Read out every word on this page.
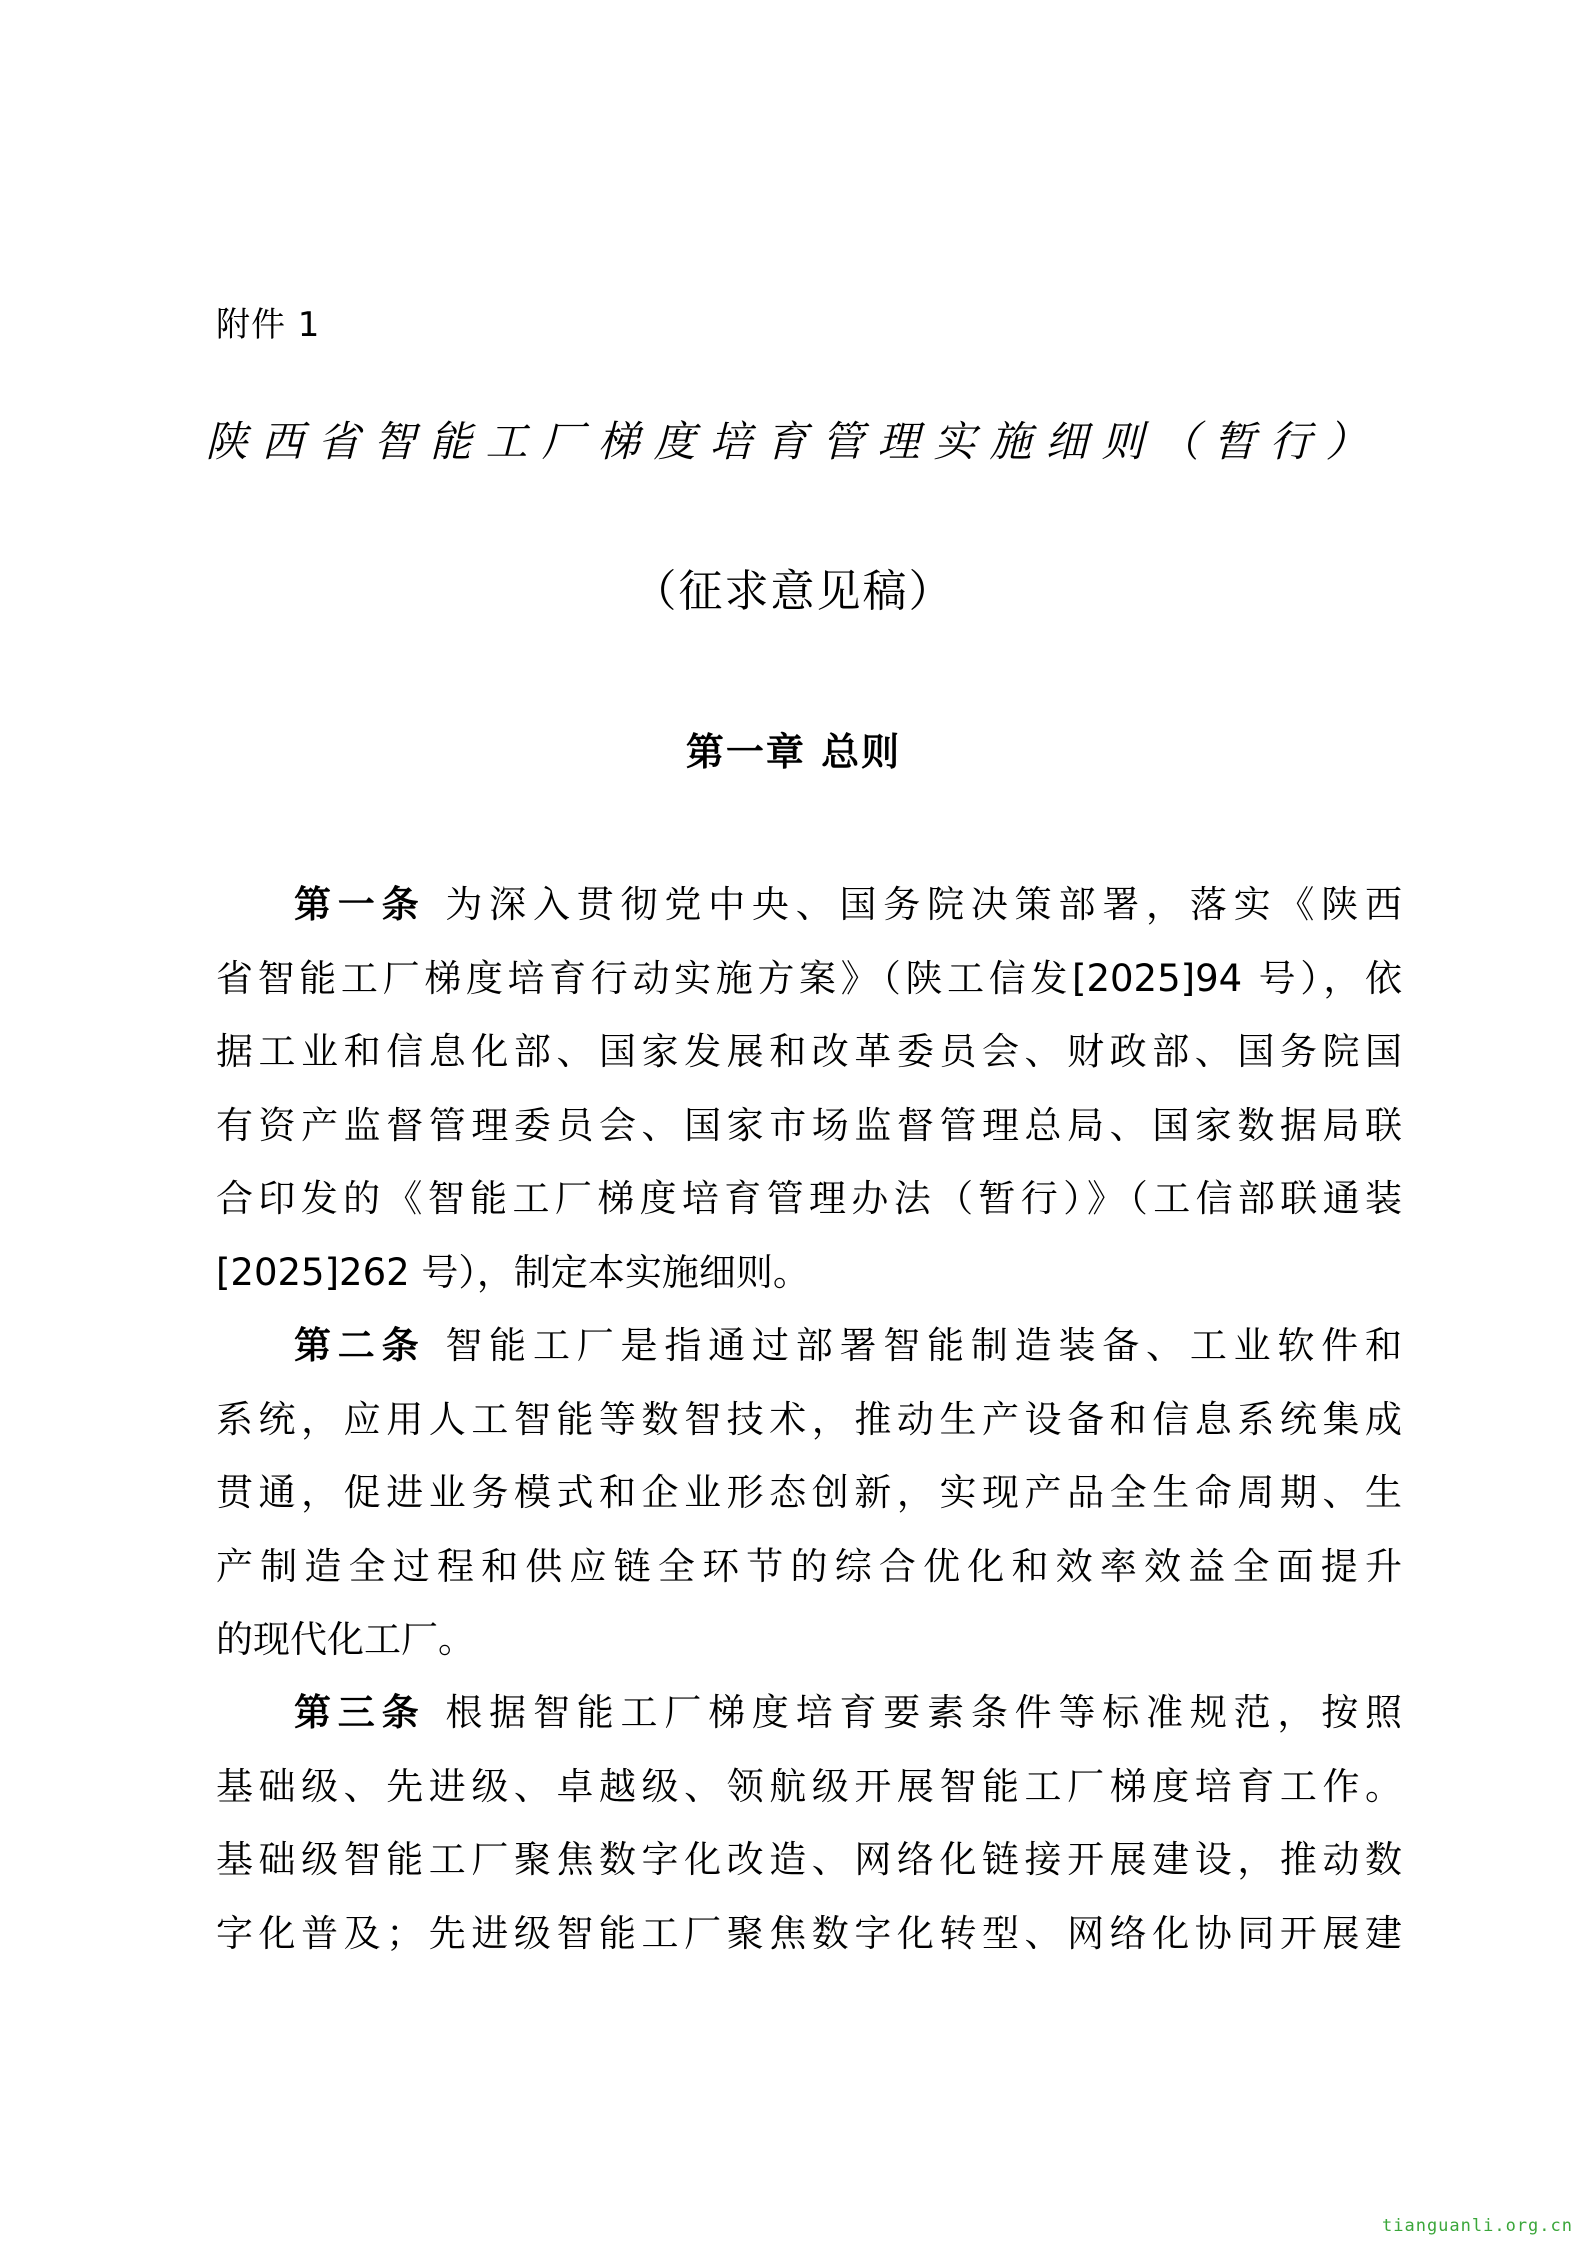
附件 1
陕西省智能工厂梯度培育管理实施细则（暂行）
（征求意见稿）
第一章 总则
第一条 为深入贯彻党中央、国务院决策部署，落实《陕西
省智能工厂梯度培育行动实施方案》（陕工信发[2025]94 号），依
据工业和信息化部、国家发展和改革委员会、财政部、国务院国
有资产监督管理委员会、国家市场监督管理总局、国家数据局联
合印发的《智能工厂梯度培育管理办法（暂行）》（工信部联通装
[2025]262 号），制定本实施细则。
第二条 智能工厂是指通过部署智能制造装备、工业软件和
系统，应用人工智能等数智技术，推动生产设备和信息系统集成
贯通，促进业务模式和企业形态创新，实现产品全生命周期、生
产制造全过程和供应链全环节的综合优化和效率效益全面提升
的现代化工厂。
第三条 根据智能工厂梯度培育要素条件等标准规范，按照
基础级、先进级、卓越级、领航级开展智能工厂梯度培育工作。
基础级智能工厂聚焦数字化改造、网络化链接开展建设，推动数
字化普及；先进级智能工厂聚焦数字化转型、网络化协同开展建
tianguanli.org.cn
